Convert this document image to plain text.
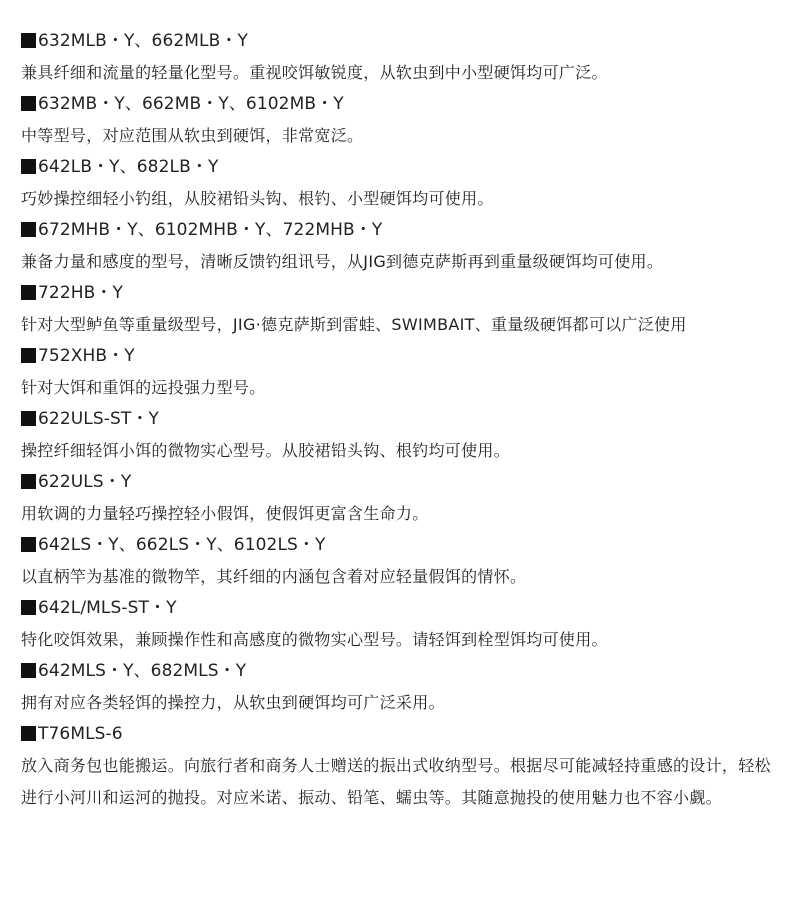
632MLB・Y、662MLB・Y
兼具纤细和流量的轻量化型号。重视咬饵敏锐度，从软虫到中小型硬饵均可广泛。
632MB・Y、662MB・Y、6102MB・Y
中等型号，对应范围从软虫到硬饵，非常宽泛。
642LB・Y、682LB・Y
巧妙操控细轻小钓组，从胶裙铅头钩、根钓、小型硬饵均可使用。
672MHB・Y、6102MHB・Y、722MHB・Y
兼备力量和感度的型号，清晰反馈钓组讯号，从JIG到德克萨斯再到重量级硬饵均可使用。
722HB・Y
针对大型鲈鱼等重量级型号，JIG·德克萨斯到雷蛙、SWIMBAIT、重量级硬饵都可以广泛使用
752XHB・Y
针对大饵和重饵的远投强力型号。
622ULS-ST・Y
操控纤细轻饵小饵的微物实心型号。从胶裙铅头钩、根钓均可使用。
622ULS・Y
用软调的力量轻巧操控轻小假饵，使假饵更富含生命力。
642LS・Y、662LS・Y、6102LS・Y
以直柄竿为基准的微物竿，其纤细的内涵包含着对应轻量假饵的情怀。
642L/MLS-ST・Y
特化咬饵效果，兼顾操作性和高感度的微物实心型号。请轻饵到栓型饵均可使用。
642MLS・Y、682MLS・Y
拥有对应各类轻饵的操控力，从软虫到硬饵均可广泛采用。
T76MLS-6
放入商务包也能搬运。向旅行者和商务人士赠送的振出式收纳型号。根据尽可能减轻持重感的设计，轻松进行小河川和运河的抛投。对应米诺、振动、铅笔、蠕虫等。其随意抛投的使用魅力也不容小觑。
